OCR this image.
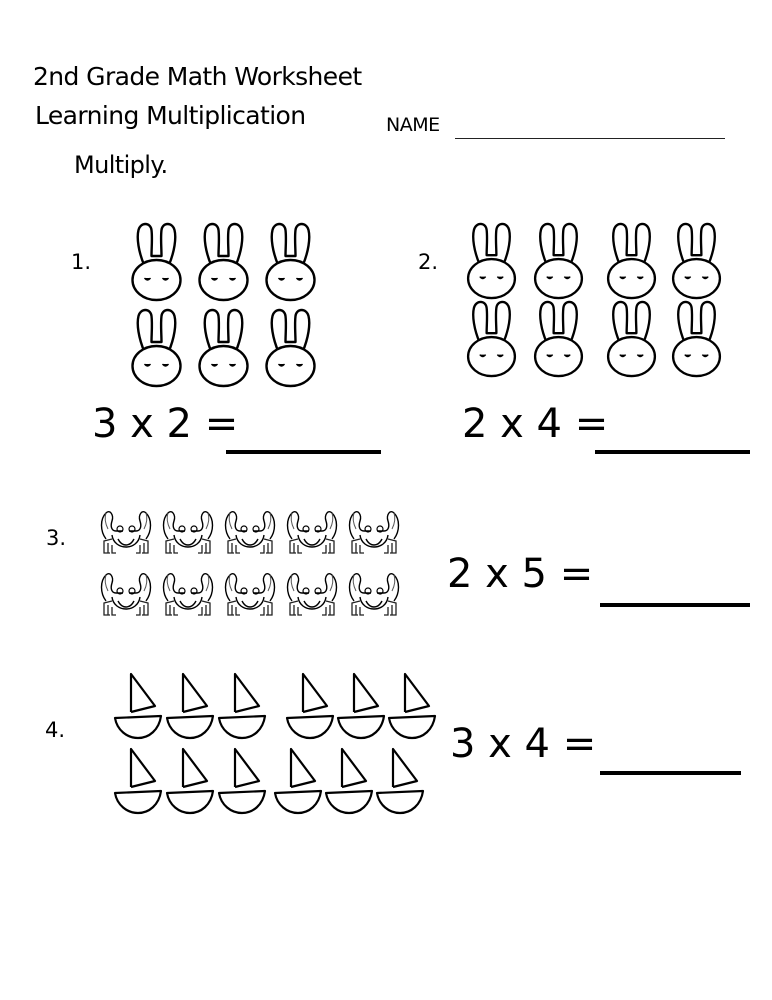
2nd Grade Math Worksheet
Learning Multiplication	NAME
Multiply.
1.
3 x 2 =
2.
2 x 4 =
3.
2 x 5 =
4.	3 x 4 =
